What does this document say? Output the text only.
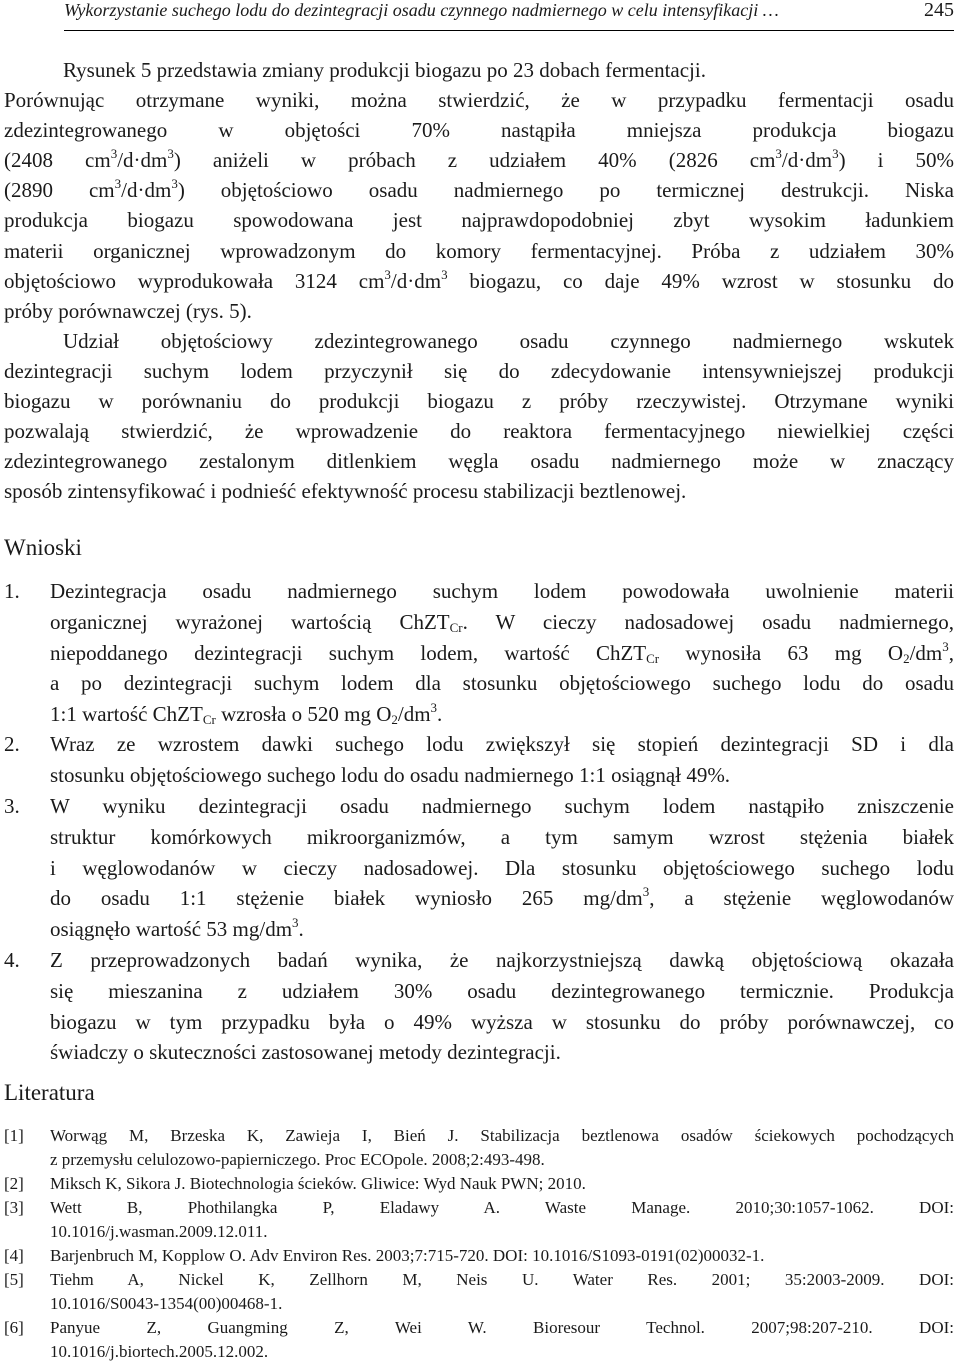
Wykorzystanie suchego lodu do dezintegracji osadu czynnego nadmiernego w celu intensyfikacji …	245
Rysunek 5 przedstawia zmiany produkcji biogazu po 23 dobach fermentacji.
Porównując otrzymane wyniki, można stwierdzić, że w przypadku fermentacji osadu
zdezintegrowanego w objętości 70% nastąpiła mniejsza produkcja biogazu
(2408 $cm^3/d\cdot dm^3$) aniżeli w próbach z udziałem 40% (2826 $cm^3/d\cdot dm^3$) i 50%
(2890 $cm^3/d\cdot dm^3$) objętościowo osadu nadmiernego po termicznej destrukcji. Niska
produkcja biogazu spowodowana jest najprawdopodobniej zbyt wysokim ładunkiem
materii organicznej wprowadzonym do komory fermentacyjnej. Próba z udziałem 30%
objętościowo wyprodukowała 3124 $cm^3/d\cdot dm^3$ biogazu, co daje 49% wzrost w stosunku do
próby porównawczej (rys. 5).
Udział objętościowy zdezintegrowanego osadu czynnego nadmiernego wskutek
dezintegracji suchym lodem przyczynił się do zdecydowanie intensywniejszej produkcji
biogazu w porównaniu do produkcji biogazu z próby rzeczywistej. Otrzymane wyniki
pozwalają stwierdzić, że wprowadzenie do reaktora fermentacyjnego niewielkiej części
zdezintegrowanego zestalonym ditlenkiem węgla osadu nadmiernego może w znaczący
sposób zintensyfikować i podnieść efektywność procesu stabilizacji beztlenowej.
Wnioski
1. Dezintegracja osadu nadmiernego suchym lodem powodowała uwolnienie materii
organicznej wyrażonej wartością ChZT$_{Cr}$. W cieczy nadosadowej osadu nadmiernego,
niepoddanego dezintegracji suchym lodem, wartość ChZT$_{Cr}$ wynosiła 63 mg $O_2/dm^3$,
a po dezintegracji suchym lodem dla stosunku objętościowego suchego lodu do osadu
1:1 wartość ChZT$_{Cr}$ wzrosła o 520 mg $O_2/dm^3$.
2. Wraz ze wzrostem dawki suchego lodu zwiększył się stopień dezintegracji SD i dla
stosunku objętościowego suchego lodu do osadu nadmiernego 1:1 osiągnął 49%.
3. W wyniku dezintegracji osadu nadmiernego suchym lodem nastąpiło zniszczenie
struktur komórkowych mikroorganizmów, a tym samym wzrost stężenia białek
i węglowodanów w cieczy nadosadowej. Dla stosunku objętościowego suchego lodu
do osadu 1:1 stężenie białek wyniosło 265 $mg/dm^3$, a stężenie węglowodanów
osiągnęło wartość 53 $mg/dm^3$.
4. Z przeprowadzonych badań wynika, że najkorzystniejszą dawką objętościową okazała
się mieszanina z udziałem 30% osadu dezintegrowanego termicznie. Produkcja
biogazu w tym przypadku była o 49% wyższa w stosunku do próby porównawczej, co
świadczy o skuteczności zastosowanej metody dezintegracji.
Literatura
[1] Worwąg M, Brzeska K, Zawieja I, Bień J. Stabilizacja beztlenowa osadów ściekowych pochodzących
z przemysłu celulozowo-papierniczego. Proc ECOpole. 2008;2:493-498.
[2] Miksch K, Sikora J. Biotechnologia ścieków. Gliwice: Wyd Nauk PWN; 2010.
[3] Wett B, Phothilangka P, Eladawy A. Waste Manage. 2010;30:1057-1062. DOI:
10.1016/j.wasman.2009.12.011.
[4] Barjenbruch M, Kopplow O. Adv Environ Res. 2003;7:715-720. DOI: 10.1016/S1093-0191(02)00032-1.
[5] Tiehm A, Nickel K, Zellhorn M, Neis U. Water Res. 2001; 35:2003-2009. DOI:
10.1016/S0043-1354(00)00468-1.
[6] Panyue Z, Guangming Z, Wei W. Bioresour Technol. 2007;98:207-210. DOI:
10.1016/j.biortech.2005.12.002.
